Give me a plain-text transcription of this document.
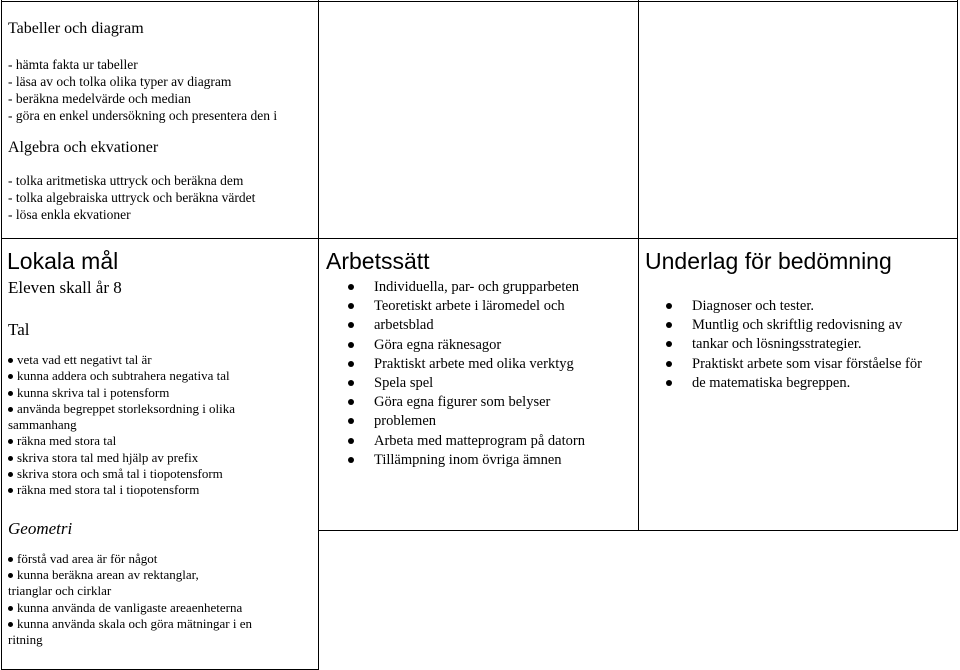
Tabeller och diagram

- hämta fakta ur tabeller
- läsa av och tolka olika typer av diagram
- beräkna medelvärde och median
- göra en enkel undersökning och presentera den i

Algebra och ekvationer

- tolka aritmetiska uttryck och beräkna dem
- tolka algebraiska uttryck och beräkna värdet
- lösa enkla ekvationer
Lokala mål	Arbetssätt	Underlag för bedömning

Eleven skall år 8

Tal

veta vad ett negativt tal är
kunna addera och subtrahera negativa tal
kunna skriva tal i potensform
använda begreppet storleksordning i olika
sammanhang
räkna med stora tal
skriva stora tal med hjälp av prefix
skriva stora och små tal i tiopotensform
räkna med stora tal i tiopotensform

Geometri

förstå vad area är för något
kunna beräkna arean av rektanglar,
trianglar och cirklar
kunna använda de vanligaste areaenheterna
kunna använda skala och göra mätningar i en
ritning
Individuella, par- och grupparbeten
Teoretiskt arbete i läromedel och
arbetsblad
Göra egna räknesagor
Praktiskt arbete med olika verktyg
Spela spel
Göra egna figurer som belyser
problemen
Arbeta med matteprogram på datorn
Tillämpning inom övriga ämnen
Diagnoser och tester.
Muntlig och skriftlig redovisning av
tankar och lösningsstrategier.
Praktiskt arbete som visar förståelse för
de matematiska begreppen.
